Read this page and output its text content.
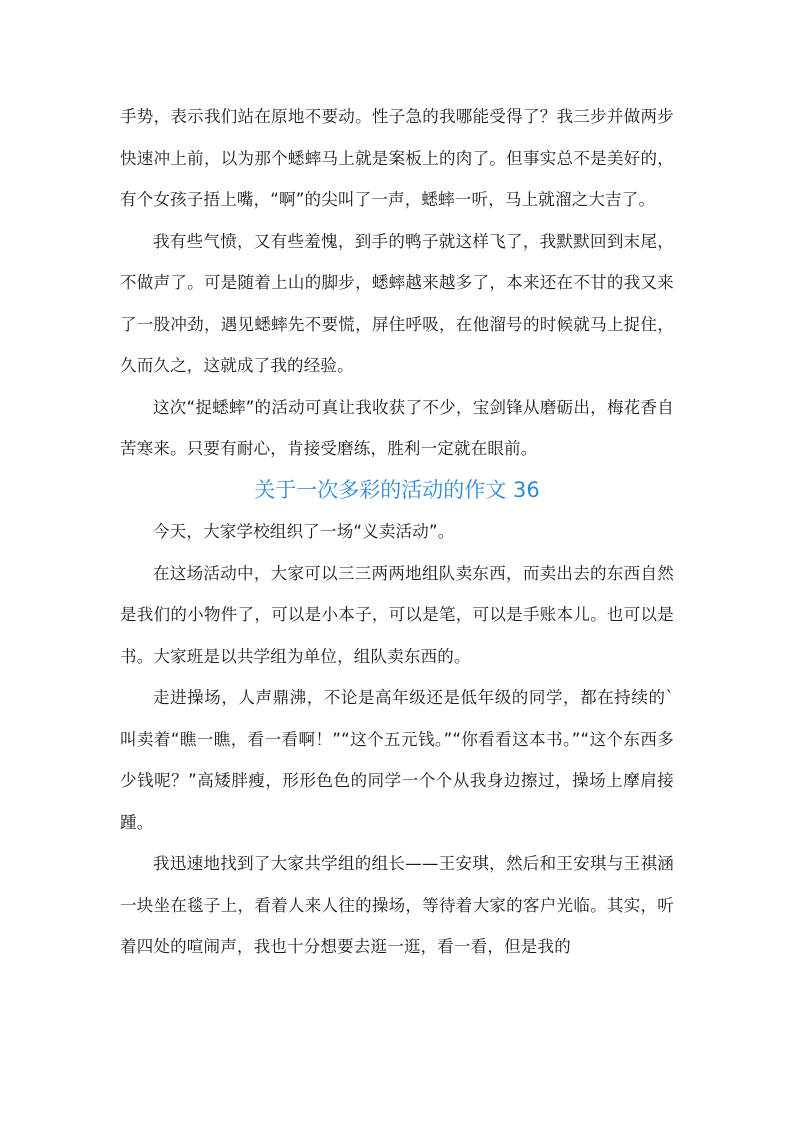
手势，表示我们站在原地不要动。性子急的我哪能受得了？我三步并做两步快速冲上前，以为那个蟋蟀马上就是案板上的肉了。但事实总不是美好的，有个女孩子捂上嘴，“啊”的尖叫了一声，蟋蟀一听，马上就溜之大吉了。

我有些气愤，又有些羞愧，到手的鸭子就这样飞了，我默默回到末尾，不做声了。可是随着上山的脚步，蟋蟀越来越多了，本来还在不甘的我又来了一股冲劲，遇见蟋蟀先不要慌，屏住呼吸，在他溜号的时候就马上捉住，久而久之，这就成了我的经验。

这次“捉蟋蟀”的活动可真让我收获了不少，宝剑锋从磨砺出，梅花香自苦寒来。只要有耐心，肯接受磨练，胜利一定就在眼前。

关于一次多彩的活动的作文 36

今天，大家学校组织了一场“义卖活动”。

在这场活动中，大家可以三三两两地组队卖东西，而卖出去的东西自然是我们的小物件了，可以是小本子，可以是笔，可以是手账本儿。也可以是书。大家班是以共学组为单位，组队卖东西的。

走进操场，人声鼎沸，不论是高年级还是低年级的同学，都在持续的`叫卖着“瞧一瞧，看一看啊！”“这个五元钱。”“你看看这本书。”“这个东西多少钱呢？”高矮胖瘦，形形色色的同学一个个从我身边擦过，操场上摩肩接踵。

我迅速地找到了大家共学组的组长——王安琪，然后和王安琪与王祺涵一块坐在毯子上，看着人来人往的操场，等待着大家的客户光临。其实，听着四处的喧闹声，我也十分想要去逛一逛，看一看，但是我的
